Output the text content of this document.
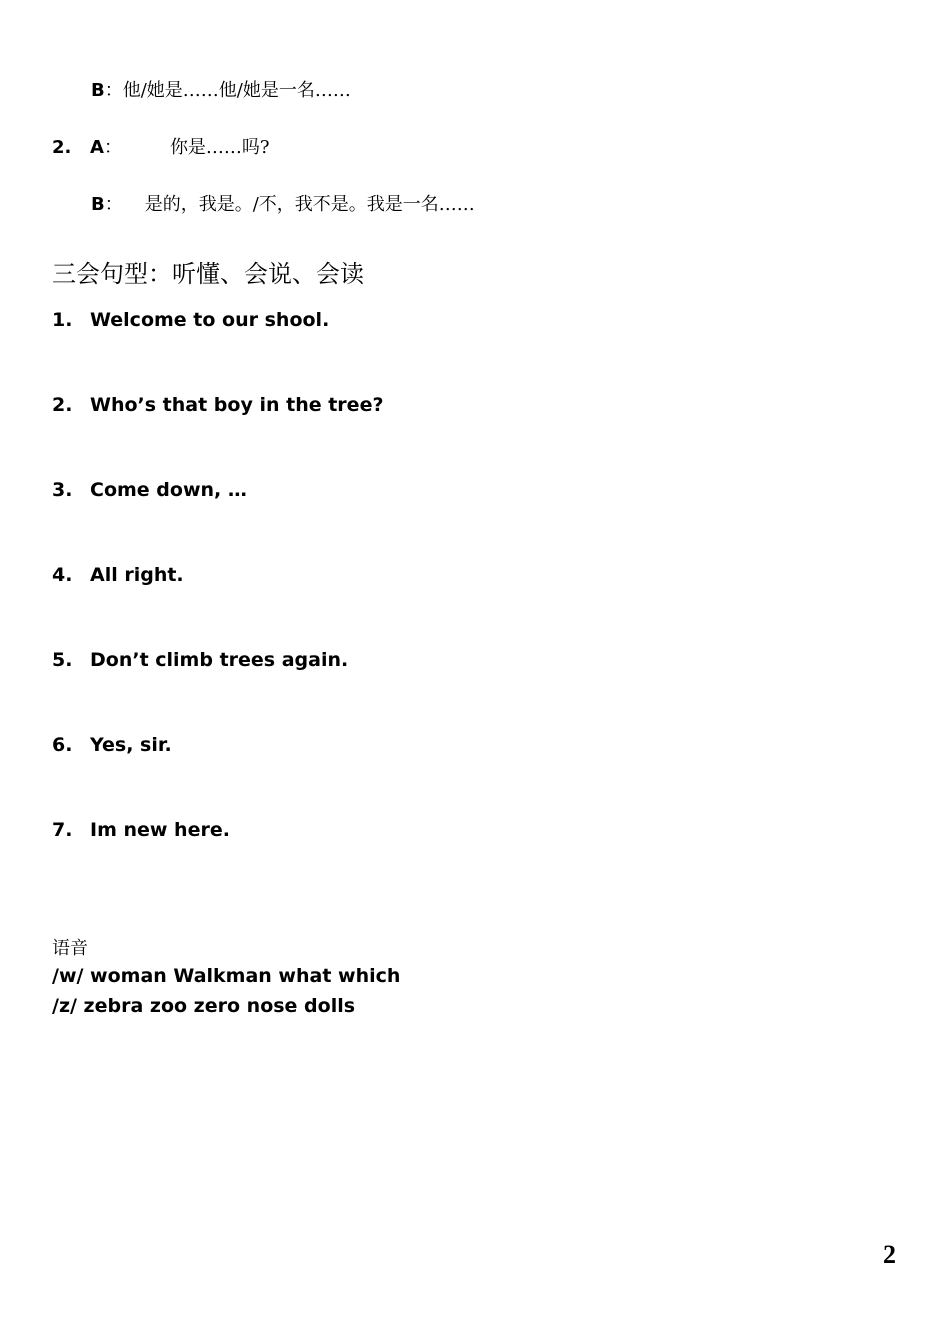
B：他/她是……他/她是一名……
2. A：	你是……吗?
B： 是的，我是。/不，我不是。我是一名……
三会句型：听懂、会说、会读
1. Welcome to our shool.
2. Who’s that boy in the tree?
3. Come down, …
4. All right.
5. Don’t climb trees again.
6. Yes, sir.
7. Im new here.
语音
/w/ woman Walkman what which
/z/ zebra zoo zero nose dolls
2
